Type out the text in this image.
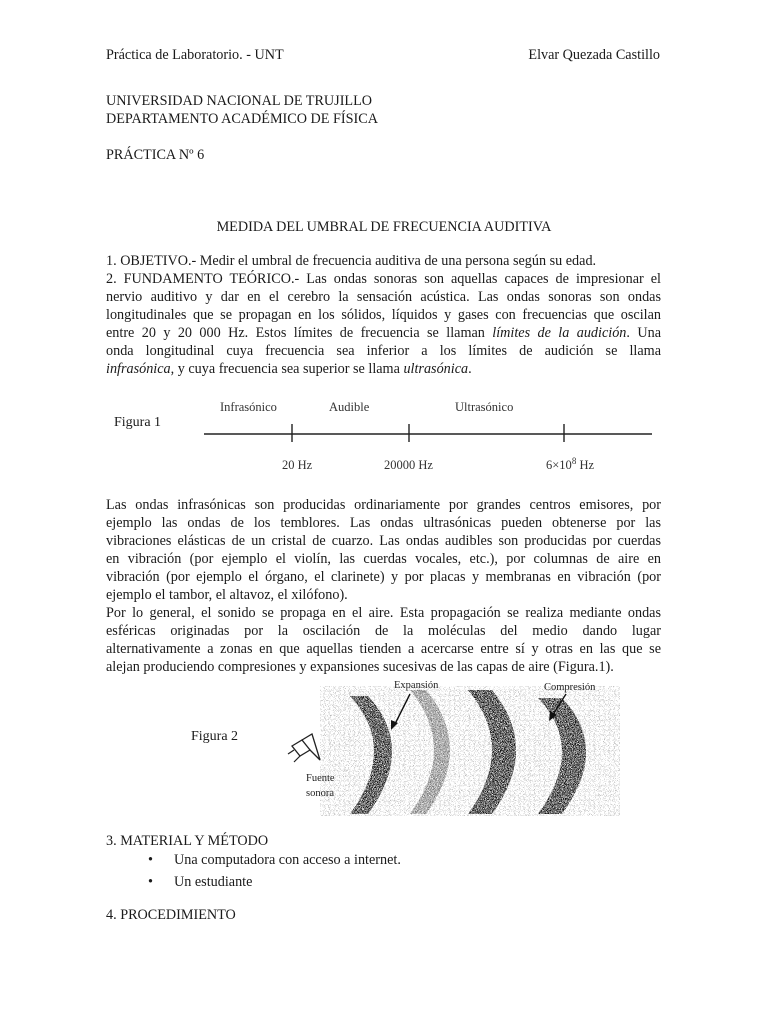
Práctica de Laboratorio. - UNT	Elvar Quezada Castillo
UNIVERSIDAD NACIONAL DE TRUJILLO
DEPARTAMENTO ACADÉMICO DE FÍSICA
PRÁCTICA Nº 6
MEDIDA DEL UMBRAL DE FRECUENCIA AUDITIVA
1. OBJETIVO.- Medir el umbral de frecuencia auditiva de una persona según su edad.
2. FUNDAMENTO TEÓRICO.- Las ondas sonoras son aquellas capaces de impresionar el
nervio auditivo y dar en el cerebro la sensación acústica. Las ondas sonoras son ondas
longitudinales que se propagan en los sólidos, líquidos y gases con frecuencias que oscilan
entre 20 y 20 000 Hz. Estos límites de frecuencia se llaman límites de la audición. Una
onda longitudinal cuya frecuencia sea inferior a los límites de audición se llama
infrasónica, y cuya frecuencia sea superior se llama ultrasónica.
Figura 1
Infrasónico	Audible	Ultrasónico
20 Hz	20000 Hz	$6\times 10^8$ Hz
Las ondas infrasónicas son producidas ordinariamente por grandes centros emisores, por
ejemplo las ondas de los temblores. Las ondas ultrasónicas pueden obtenerse por las
vibraciones elásticas de un cristal de cuarzo. Las ondas audibles son producidas por cuerdas
en vibración (por ejemplo el violín, las cuerdas vocales, etc.), por columnas de aire en
vibración (por ejemplo el órgano, el clarinete) y por placas y membranas en vibración (por
ejemplo el tambor, el altavoz, el xilófono).
Por lo general, el sonido se propaga en el aire. Esta propagación se realiza mediante ondas
esféricas originadas por la oscilación de la moléculas del medio dando lugar
alternativamente a zonas en que aquellas tienden a acercarse entre sí y otras en las que se
alejan produciendo compresiones y expansiones sucesivas de las capas de aire (Figura.1).
Figura 2
Fuente
sonora
Expansión	Compresión
3. MATERIAL Y MÉTODO
• Una computadora con acceso a internet.
• Un estudiante
4. PROCEDIMIENTO
